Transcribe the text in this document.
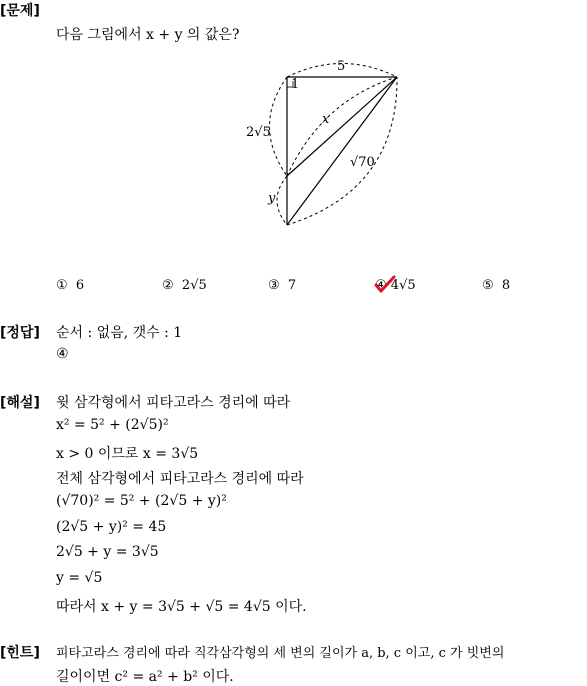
[문제]
다음 그림에서 x + y 의 값은?
5
2√5
x
√70
y
1
① 6	② 2√5	③ 7	④ 4√5	⑤ 8
[정답] 순서 : 없음, 갯수 : 1
④
[해설] 윗 삼각형에서 피타고라스 경리에 따라
x² = 5² + (2√5)²
x > 0 이므로 x = 3√5
전체 삼각형에서 피타고라스 경리에 따라
(√70)² = 5² + (2√5 + y)²
(2√5 + y)² = 45
2√5 + y = 3√5
y = √5
따라서 x + y = 3√5 + √5 = 4√5 이다.
[힌트] 피타고라스 경리에 따라 직각삼각형의 세 변의 길이가 a, b, c 이고, c 가 빗변의
길이이면 c² = a² + b² 이다.
